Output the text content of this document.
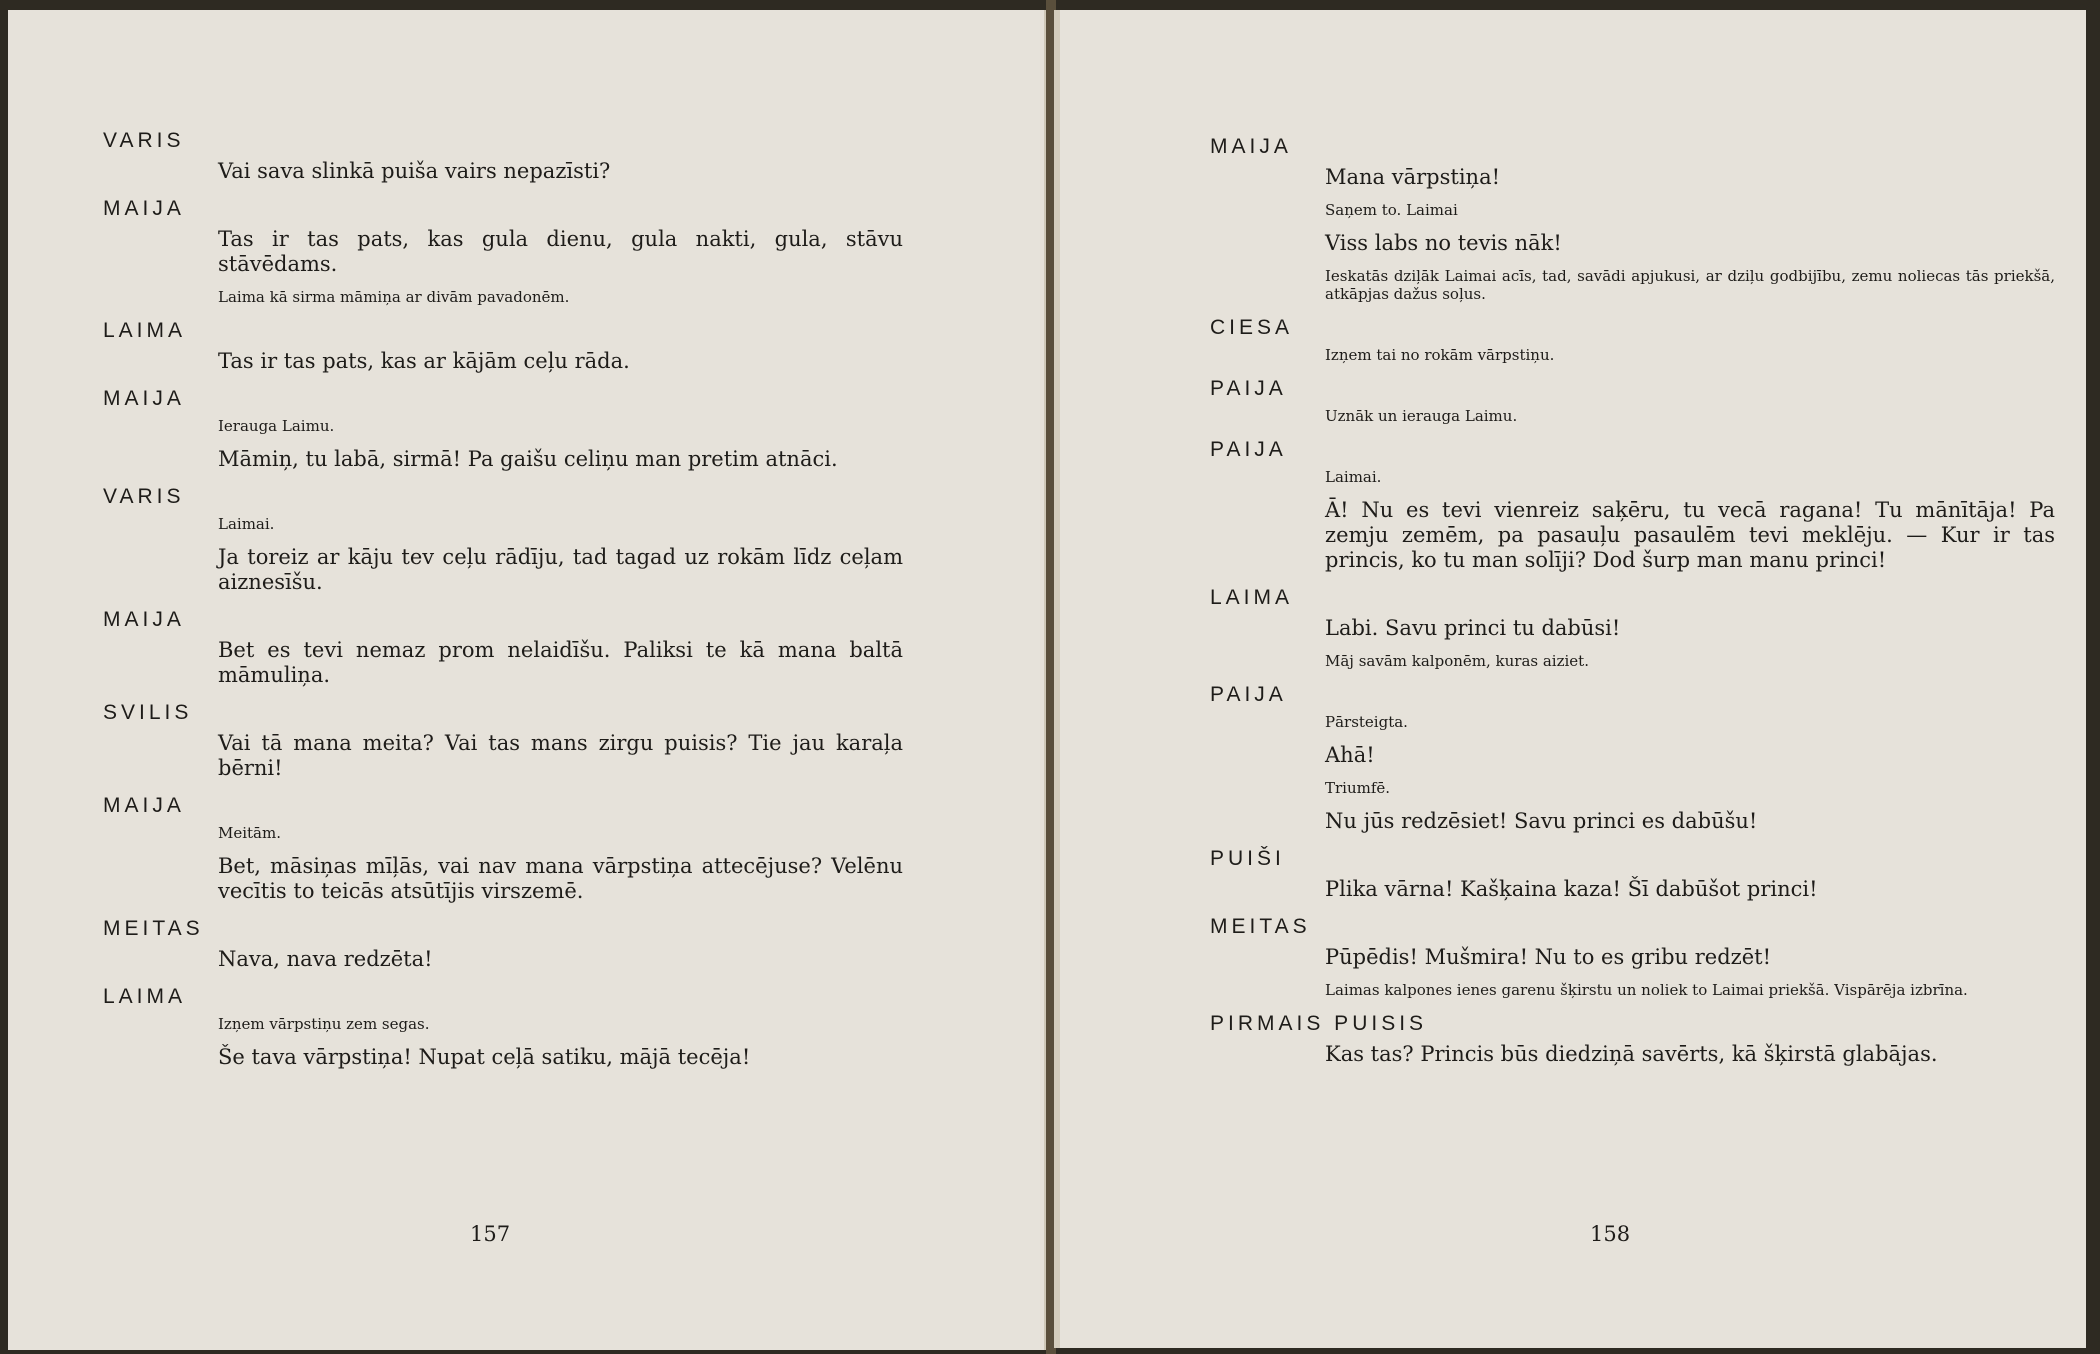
VARIS

Vai sava slinkā puiša vairs nepazīsti?

MAIJA

Tas ir tas pats, kas gula dienu, gula nakti, gula, stāvu stāvēdams.

Laima kā sirma māmiņa ar divām pavadonēm.

LAIMA

Tas ir tas pats, kas ar kājām ceļu rāda.

MAIJA

Ierauga Laimu.

Māmiņ, tu labā, sirmā! Pa gaišu celiņu man pretim atnāci.

VARIS

Laimai.

Ja toreiz ar kāju tev ceļu rādīju, tad tagad uz rokām līdz ceļam aiznesīšu.

MAIJA

Bet es tevi nemaz prom nelaidīšu. Paliksi te kā mana baltā māmuliņa.

SVILIS

Vai tā mana meita? Vai tas mans zirgu puisis? Tie jau karaļa bērni!

MAIJA

Meitām.

Bet, māsiņas mīļās, vai nav mana vārpstiņa attecējuse? Velēnu vecītis to teicās atsūtījis virszemē.

MEITAS

Nava, nava redzēta!

LAIMA

Izņem vārpstiņu zem segas.

Še tava vārpstiņa! Nupat ceļā satiku, mājā tecēja!

157
MAIJA

Mana vārpstiņa!

Saņem to. Laimai

Viss labs no tevis nāk!

Ieskatās dziļāk Laimai acīs, tad, savādi apjukusi, ar dziļu godbijību, zemu noliecas tās priekšā, atkāpjas dažus soļus.

CIESA

Izņem tai no rokām vārpstiņu.

PAIJA

Uznāk un ierauga Laimu.

PAIJA

Laimai.

Ā! Nu es tevi vienreiz saķēru, tu vecā ragana! Tu mānītāja! Pa zemju zemēm, pa pasauļu pasaulēm tevi meklēju. — Kur ir tas princis, ko tu man solīji? Dod šurp man manu princi!

LAIMA

Labi. Savu princi tu dabūsi!

Māj savām kalponēm, kuras aiziet.

PAIJA

Pārsteigta.

Ahā!

Triumfē.

Nu jūs redzēsiet! Savu princi es dabūšu!

PUIŠI

Plika vārna! Kašķaina kaza! Šī dabūšot princi!

MEITAS

Pūpēdis! Mušmira! Nu to es gribu redzēt!

Laimas kalpones ienes garenu šķirstu un noliek to Laimai priekšā. Vispārēja izbrīna.

PIRMAIS PUISIS

Kas tas? Princis būs diedziņā savērts, kā šķirstā glabājas.

158
